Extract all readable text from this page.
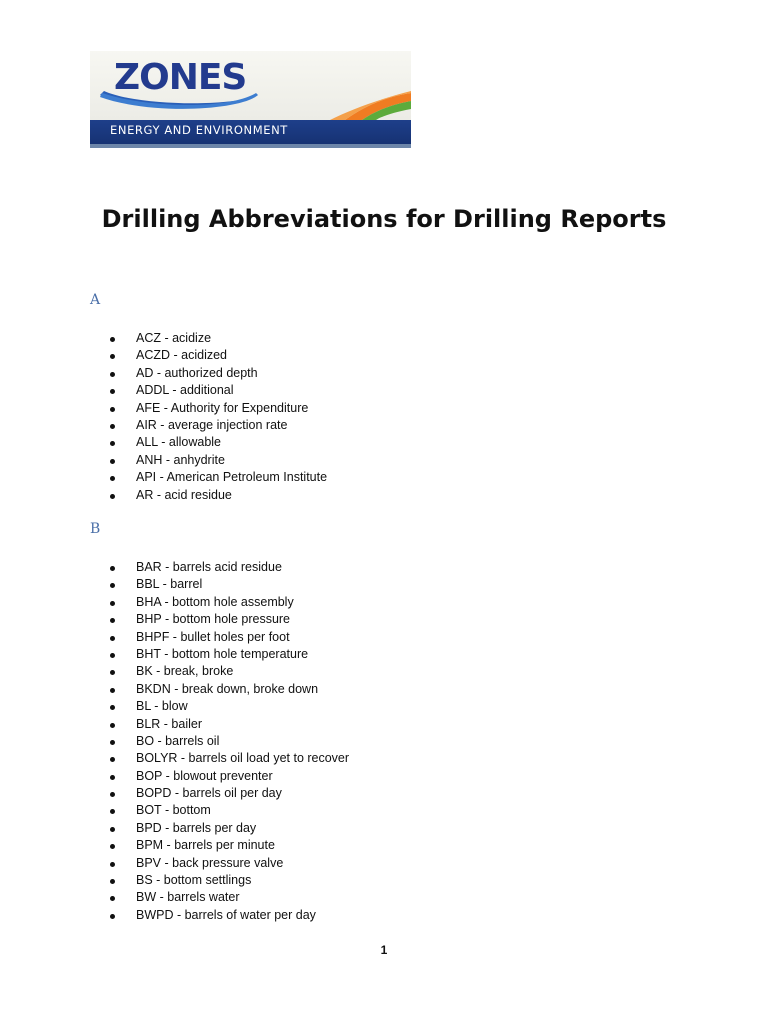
ZONES
ENERGY AND ENVIRONMENT
Drilling Abbreviations for Drilling Reports
A
ACZ - acidize
ACZD - acidized
AD - authorized depth
ADDL - additional
AFE - Authority for Expenditure
AIR - average injection rate
ALL - allowable
ANH - anhydrite
API - American Petroleum Institute
AR - acid residue
B
BAR - barrels acid residue
BBL - barrel
BHA - bottom hole assembly
BHP - bottom hole pressure
BHPF - bullet holes per foot
BHT - bottom hole temperature
BK - break, broke
BKDN - break down, broke down
BL - blow
BLR - bailer
BO - barrels oil
BOLYR - barrels oil load yet to recover
BOP - blowout preventer
BOPD - barrels oil per day
BOT - bottom
BPD - barrels per day
BPM - barrels per minute
BPV - back pressure valve
BS - bottom settlings
BW - barrels water
BWPD - barrels of water per day
1
